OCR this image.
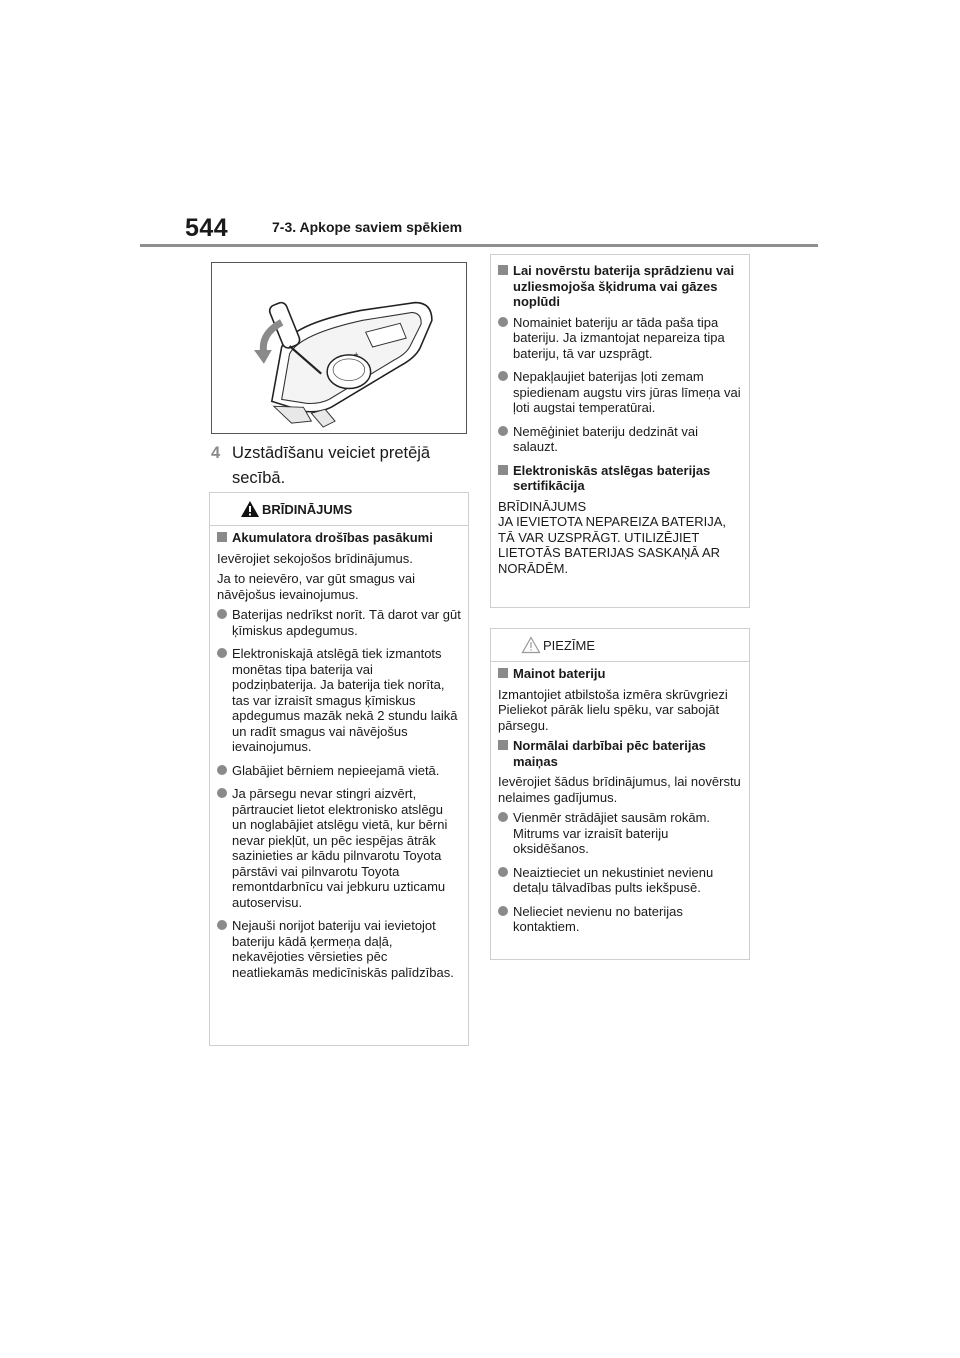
544	7-3. Apkope saviem spēkiem
+
4 Uzstādīšanu veiciet pretējā secībā.
BRĪDINĀJUMS

Akumulatora drošības pasākumi

Ievērojiet sekojošos brīdinājumus.

Ja to neievēro, var gūt smagus vai nāvējošus ievainojumus.

Baterijas nedrīkst norīt. Tā darot var gūt ķīmiskus apdegumus.

Elektroniskajā atslēgā tiek izmantots monētas tipa baterija vai podziņbaterija. Ja baterija tiek norīta, tas var izraisīt smagus ķīmiskus apdegumus mazāk nekā 2 stundu laikā un radīt smagus vai nāvējošus ievainojumus.

Glabājiet bērniem nepieejamā vietā.

Ja pārsegu nevar stingri aizvērt, pārtrauciet lietot elektronisko atslēgu un noglabājiet atslēgu vietā, kur bērni nevar piekļūt, un pēc iespējas ātrāk sazinieties ar kādu pilnvarotu Toyota pārstāvi vai pilnvarotu Toyota remontdarbnīcu vai jebkuru uzticamu autoservisu.

Nejauši norijot bateriju vai ievietojot bateriju kādā ķermeņa daļā, nekavējoties vērsieties pēc neatliekamās medicīniskās palīdzības.

Lai novērstu baterija sprādzienu vai uzliesmojoša šķidruma vai gāzes noplūdi

Nomainiet bateriju ar tāda paša tipa bateriju. Ja izmantojat nepareiza tipa bateriju, tā var uzsprāgt.

Nepakļaujiet baterijas ļoti zemam spiedienam augstu virs jūras līmeņa vai ļoti augstai temperatūrai.

Nemēģiniet bateriju dedzināt vai salauzt.

Elektroniskās atslēgas baterijas sertifikācija

BRĪDINĀJUMS

JA IEVIETOTA NEPAREIZA BATERIJA, TĀ VAR UZSPRĀGT. UTILIZĒJIET LIETOTĀS BATERIJAS SASKAŅĀ AR NORĀDĒM.

PIEZĪME

Mainot bateriju

Izmantojiet atbilstoša izmēra skrūvgriezi Pieliekot pārāk lielu spēku, var sabojāt pārsegu.

Normālai darbībai pēc baterijas maiņas

Ievērojiet šādus brīdinājumus, lai novērstu nelaimes gadījumus.

Vienmēr strādājiet sausām rokām. Mitrums var izraisīt bateriju oksidēšanos.

Neaiztieciet un nekustiniet nevienu detaļu tālvadības pults iekšpusē.

Nelieciet nevienu no baterijas kontaktiem.
